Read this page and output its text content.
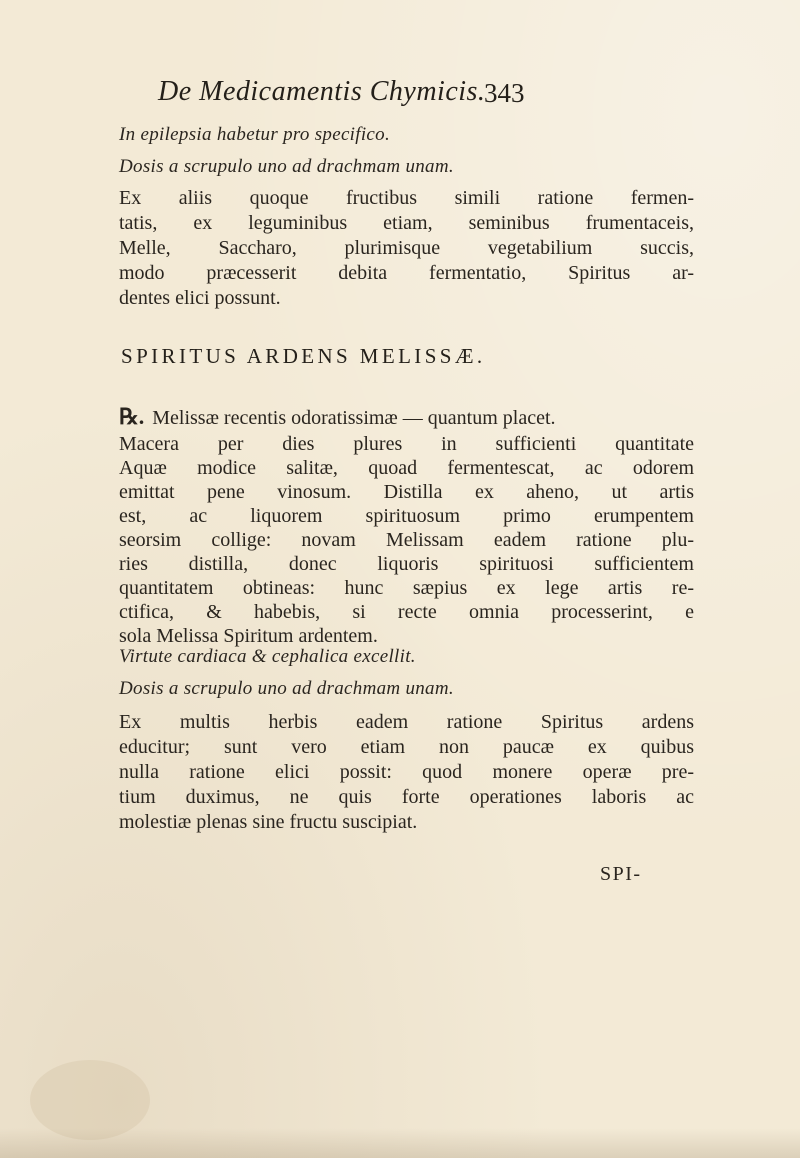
De Medicamentis Chymicis.
343
In epilepsia habetur pro specifico.
Dosis a scrupulo uno ad drachmam unam.
Ex aliis quoque fructibus simili ratione fermen-
tatis, ex leguminibus etiam, seminibus frumentaceis,
Melle, Saccharo, plurimisque vegetabilium succis,
modo præcesserit debita fermentatio, Spiritus ar-
dentes elici possunt.
SPIRITUS ARDENS MELISSÆ.
℞. Melissæ recentis odoratissimæ — quantum placet.
Macera per dies plures in sufficienti quantitate
Aquæ modice salitæ, quoad fermentescat, ac odorem
emittat pene vinosum. Distilla ex aheno, ut artis
est, ac liquorem spirituosum primo erumpentem
seorsim collige: novam Melissam eadem ratione plu-
ries distilla, donec liquoris spirituosi sufficientem
quantitatem obtineas: hunc sæpius ex lege artis re-
ctifica, & habebis, si recte omnia processerint, e
Virtute cardiaca & cephalica excellit.
Dosis a scrupulo uno ad drachmam unam.
Ex multis herbis eadem ratione Spiritus ardens
educitur; sunt vero etiam non paucæ ex quibus
nulla ratione elici possit: quod monere operæ pre-
tium duximus, ne quis forte operationes laboris ac
molestiæ plenas sine fructu suscipiat.
SPI-
sola Melissa Spiritum ardentem.
